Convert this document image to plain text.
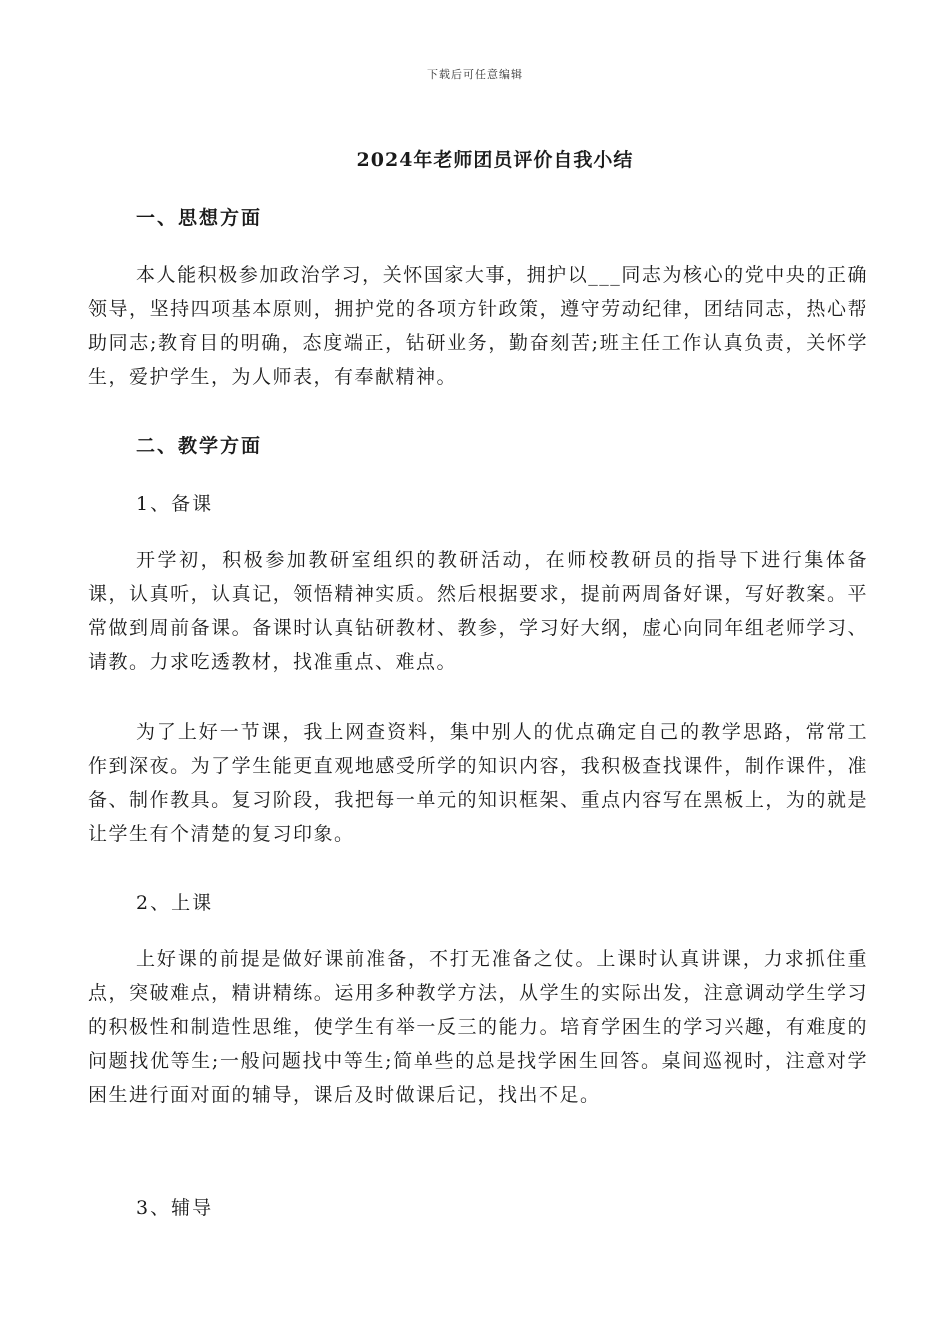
下载后可任意编辑
2024年老师团员评价自我小结
一、思想方面
本人能积极参加政治学习，关怀国家大事，拥护以___同志为核心的党中央的正确领导，坚持四项基本原则，拥护党的各项方针政策，遵守劳动纪律，团结同志，热心帮助同志;教育目的明确，态度端正，钻研业务，勤奋刻苦;班主任工作认真负责，关怀学生，爱护学生，为人师表，有奉献精神。
二、教学方面
1、备课
开学初，积极参加教研室组织的教研活动，在师校教研员的指导下进行集体备课，认真听，认真记，领悟精神实质。然后根据要求，提前两周备好课，写好教案。平常做到周前备课。备课时认真钻研教材、教参，学习好大纲，虚心向同年组老师学习、请教。力求吃透教材，找准重点、难点。
为了上好一节课，我上网查资料，集中别人的优点确定自己的教学思路，常常工作到深夜。为了学生能更直观地感受所学的知识内容，我积极查找课件，制作课件，准备、制作教具。复习阶段，我把每一单元的知识框架、重点内容写在黑板上，为的就是让学生有个清楚的复习印象。
2、上课
上好课的前提是做好课前准备，不打无准备之仗。上课时认真讲课，力求抓住重点，突破难点，精讲精练。运用多种教学方法，从学生的实际出发，注意调动学生学习的积极性和制造性思维，使学生有举一反三的能力。培育学困生的学习兴趣，有难度的问题找优等生;一般问题找中等生;简单些的总是找学困生回答。桌间巡视时，注意对学困生进行面对面的辅导，课后及时做课后记，找出不足。
3、辅导
